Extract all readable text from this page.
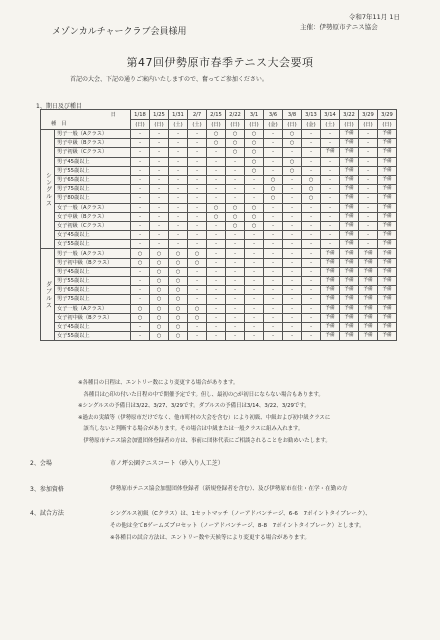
メゾンカルチャークラブ会員様用
令和7年11月 1日
主催：伊勢原市テニス協会
第47回伊勢原市春季テニス大会要項
首記の大会、下記の通りご案内いたしますので、奮ってご参加ください。
1、期日及び種目
日		1/18	1/25	1/31	2/7	2/15	2/22	3/1	3/6	3/8	3/13	3/14	3/22	3/29	3/29
種　目		(日)	(日)	(土)	(土)	(日)	(日)	(日)	(金)	(日)	(金)	(土)	(日)	(日)	(日)
シングルス	男子一般（Aクラス）	-	-	-	-	○	○	○	-	○	-	-	予備	-	予備
	男子中級（Bクラス）	-	-	-	-	○	○	○	-	○	-	-	予備	-	予備
	男子初級（Cクラス）	-	-	-	-	-	○	○	-	-	-	予備	予備	-	予備
	男子45歳以上	-	-	-	-	-	-	○	-	○	-	-	予備	-	予備
	男子55歳以上	-	-	-	-	-	-	○	-	○	-	-	予備	-	予備
	男子65歳以上	-	-	-	-	-	-	-	○	-	○	-	予備	-	予備
	男子75歳以上	-	-	-	-	-	-	-	○	-	○	-	予備	-	予備
	男子80歳以上	-	-	-	-	-	-	-	○	-	○	-	予備	-	予備
	女子一般（Aクラス）	-	-	-	-	○	○	○	-	-	-	-	予備	-	予備
	女子中級（Bクラス）	-	-	-	-	○	○	○	-	-	-	-	予備	-	予備
	女子初級（Cクラス）	-	-	-	-	-	○	○	-	-	-	-	予備	-	予備
	女子45歳以上	-	-	-	-	-	-	-	-	-	-	-	予備	-	予備
	女子55歳以上	-	-	-	-	-	-	-	-	-	-	-	予備	-	予備
ダブルス	男子一般（Aクラス）	○	○	○	○	-	-	-	-	-	-	予備	予備	予備	予備
	男子初中級（Bクラス）	○	○	○	○	-	-	-	-	-	-	予備	予備	予備	予備
	男子45歳以上	-	○	○	-	-	-	-	-	-	-	予備	予備	予備	予備
	男子55歳以上	-	○	○	-	-	-	-	-	-	-	予備	予備	予備	予備
	男子65歳以上	-	○	○	-	-	-	-	-	-	-	予備	予備	予備	予備
	男子75歳以上	-	○	○	-	-	-	-	-	-	-	予備	予備	予備	予備
	女子一般（Aクラス）	○	○	○	○	-	-	-	-	-	-	予備	予備	予備	予備
	女子初中級（Bクラス）	○	○	○	○	-	-	-	-	-	-	予備	予備	予備	予備
	女子45歳以上	-	○	○	-	-	-	-	-	-	-	予備	予備	予備	予備
	女子55歳以上	-	○	○	-	-	-	-	-	-	-	予備	予備	予備	予備
※各種目の日程は、エントリー数により変更する場合があります。
　各種目は○印の付いた日程の中で開催予定です。但し、最初の○が初日にならない場合もあります。
※シングルスの予備日は3/22、3/27、3/29です。ダブルスの予備日は3/14、3/22、3/29です。
※過去の実績等（伊勢原市だけでなく、他市町村の大会を含む）により初級、中級および初中級クラスに
　該当しないと判断する場合があります。その場合は中級または一般クラスに組み入れます。
　伊勢原市テニス協会加盟団体登録者の方は、事前に団体代表にご相談されることをお勧めいたします。
2、会場	市ノ坪公園テニスコート（砂入り人工芝）
3、参加資格	伊勢原市テニス協会加盟団体登録者（新規登録者を含む）、及び伊勢原市在住・在学・在勤の方
4、試合方法	シングルス初級（Cクラス）は、1セットマッチ（ノーアドバンテージ、6-6　7ポイントタイブレーク）、
その他は全て8ゲームズプロセット（ノーアドバンテージ、8-8　7ポイントタイブレーク）とします。
※各種目の試合方法は、エントリー数や天候等により変更する場合があります。
